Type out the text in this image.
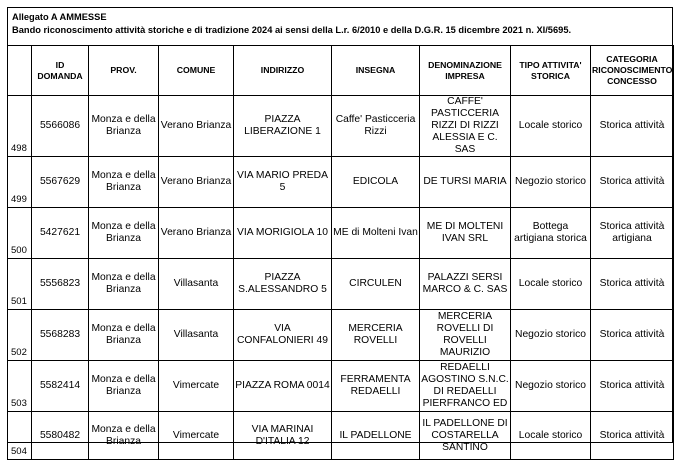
Allegato A AMMESSE
Bando riconoscimento attività storiche e di tradizione 2024 ai sensi della L.r. 6/2010 e della D.G.R. 15 dicembre 2021 n. XI/5695.
	ID DOMANDA	PROV.	COMUNE	INDIRIZZO	INSEGNA	DENOMINAZIONE IMPRESA	TIPO ATTIVITA' STORICA	CATEGORIA RICONOSCIMENTO CONCESSO
498	5566086	Monza e della Brianza	Verano Brianza	PIAZZA LIBERAZIONE 1	Caffe' Pasticceria Rizzi	CAFFE' PASTICCERIA RIZZI DI RIZZI ALESSIA E C. SAS	Locale storico	Storica attività
499	5567629	Monza e della Brianza	Verano Brianza	VIA MARIO PREDA 5	EDICOLA	DE TURSI MARIA	Negozio storico	Storica attività
500	5427621	Monza e della Brianza	Verano Brianza	VIA MORIGIOLA 10	ME di Molteni Ivan	ME DI MOLTENI IVAN SRL	Bottega artigiana storica	Storica attività artigiana
501	5556823	Monza e della Brianza	Villasanta	PIAZZA S.ALESSANDRO 5	CIRCULEN	PALAZZI SERSI MARCO & C. SAS	Locale storico	Storica attività
502	5568283	Monza e della Brianza	Villasanta	VIA CONFALONIERI 49	MERCERIA ROVELLI	MERCERIA ROVELLI DI ROVELLI MAURIZIO	Negozio storico	Storica attività
503	5582414	Monza e della Brianza	Vimercate	PIAZZA ROMA 0014	FERRAMENTA REDAELLI	REDAELLI AGOSTINO S.N.C. DI REDAELLI PIERFRANCO ED	Negozio storico	Storica attività
504	5580482	Monza e della Brianza	Vimercate	VIA MARINAI D'ITALIA 12	IL PADELLONE	IL PADELLONE DI COSTARELLA SANTINO	Locale storico	Storica attività
